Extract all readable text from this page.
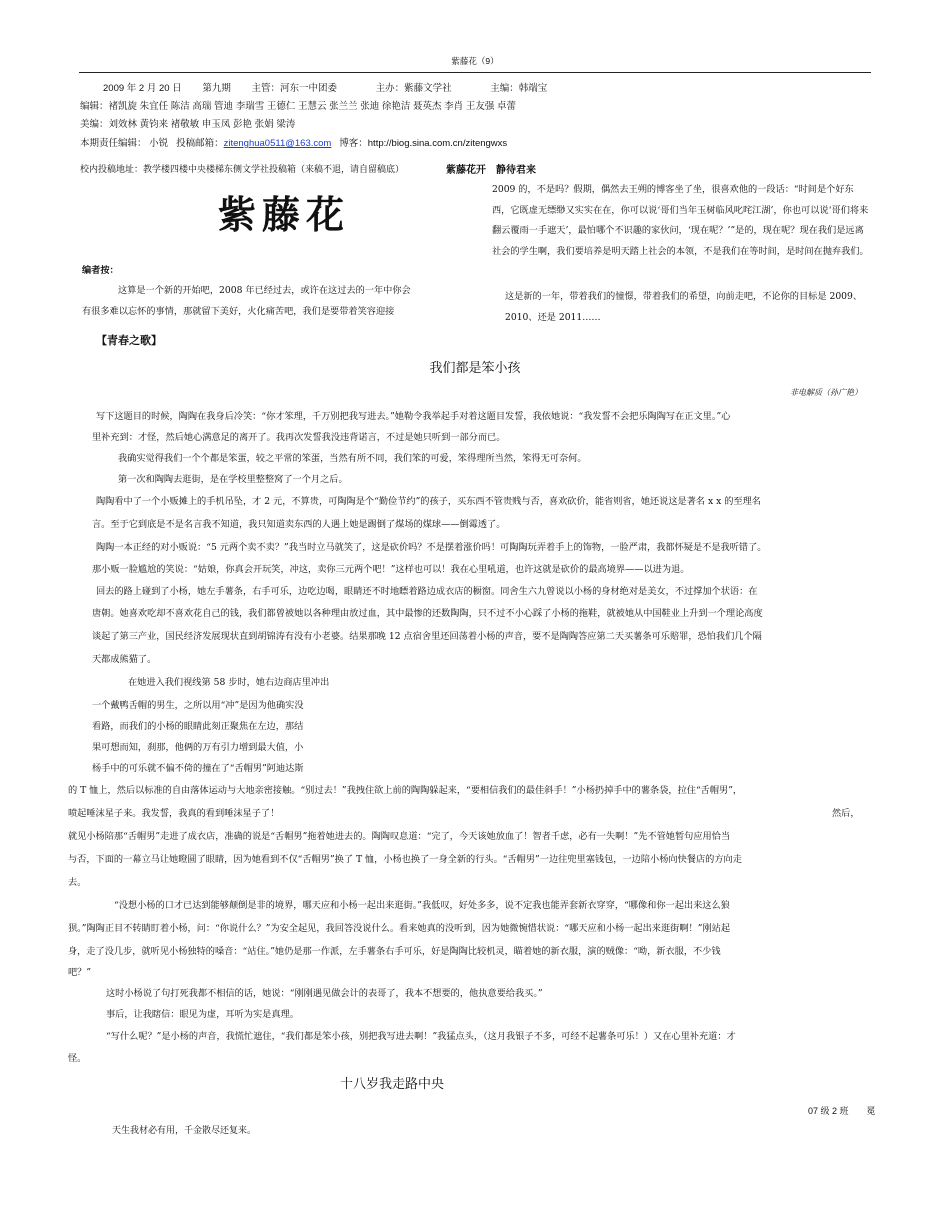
紫藤花（9）
2009 年 2 月 20 日 第九期 主管：河东一中团委	主办：紫藤文学社	主编：韩端宝
编辑：褚凯旋 朱宜任 陈洁 高瑞 管迪 李瑞雪 王德仁 王慧云 张兰兰 张迪 徐艳洁 聂英杰 李肖 王友强 卓蕾
美编：刘效林 黄钧来 褚敬敏 申玉凤 彭艳 张娟 梁涛
本期责任编辑： 小锐 投稿邮箱：zitenghua0511@163.com 博客：http://biog.sina.com.cn/zitengwxs
校内投稿地址：教学楼四楼中央楼梯东侧文学社投稿箱（来稿不退，请自留稿底）
紫藤花
编者按：
这算是一个新的开始吧，2008 年已经过去，或许在这过去的一年中你会
有很多难以忘怀的事情，那就留下美好，火化痛苦吧，我们是要带着笑容迎接
紫藤花开　静待君来
2009 的，不是吗？假期，偶然去王朔的博客坐了坐，很喜欢他的一段话：“时间是个好东西，它既虚无缥缈又实实在在，你可以说‘哥们当年玉树临风叱咤江湖’，你也可以说‘哥们将来翻云覆雨一手遮天’，最怕哪个不识趣的家伙问，‘现在呢？’”是的，现在呢？现在我们是远离社会的学生啊，我们要培养是明天踏上社会的本领，不是我们在等时间，是时间在抛弃我们。
这是新的一年，带着我们的憧憬，带着我们的希望，向前走吧，不论你的目标是 2009、2010、还是 2011……
【青春之歌】
我们都是笨小孩
非电解质（孙广艳）
写下这题目的时候，陶陶在我身后冷笑：“你才笨理，千万别把我写进去。”她勒令我举起手对着这题目发誓，我依她说：“我发誓不会把乐陶陶写在正文里。”心
里补充到：才怪，然后她心满意足的离开了。我再次发誓我没违背诺言，不过是她只听到一部分而已。
我确实觉得我们一个个都是笨蛋，较之平常的笨蛋，当然有所不同，我们笨的可爱，笨得理所当然，笨得无可奈何。
第一次和陶陶去逛街，是在学校里整整窝了一个月之后。
陶陶看中了一个小贩摊上的手机吊坠，才 2 元，不算贵，可陶陶是个“勤俭节约”的孩子，买东西不管贵贱与否，喜欢砍价，能省则省，她还说这是著名 x x 的至理名
言。至于它到底是不是名言我不知道，我只知道卖东西的人遇上她是踢倒了煤场的煤球——倒霉透了。
陶陶一本正经的对小贩说：“5 元两个卖不卖？”我当时立马就笑了，这是砍价吗？不是摆着涨价吗！可陶陶玩弄着手上的饰物，一脸严肃，我都怀疑是不是我听错了。
那小贩一脸尴尬的笑说：“姑娘，你真会开玩笑，冲这，卖你三元两个吧！”这样也可以！我在心里吼道，也许这就是砍价的最高境界——以进为退。
回去的路上碰到了小杨，她左手薯条，右手可乐，边吃边喝，眼睛还不时地瞟着路边成衣店的橱窗。同舍生六九曾说以小杨的身材绝对是美女，不过撑加个状语：在
唐朝。她喜欢吃却不喜欢花自己的钱，我们都曾被她以各种理由放过血，其中最惨的还数陶陶，只不过不小心踩了小杨的拖鞋，就被她从中国鞋业上升到一个理论高度
谈起了第三产业，国民经济发展现状直到胡锦涛有没有小老婆。结果那晚 12 点宿舍里还回荡着小杨的声音，要不是陶陶答应第二天买薯条可乐赔罪，恐怕我们几个隔
天都成熊猫了。
在她进入我们视线第 58 步时，她右边商店里冲出
一个戴鸭舌帽的男生，之所以用“冲”是因为他确实没
看路，而我们的小杨的眼睛此刻正聚焦在左边，那结
果可想而知，刹那，他俩的万有引力增到最大值，小
杨手中的可乐就不偏不倚的撞在了“舌帽男”阿迪达斯
的 T 恤上，然后以标准的自由落体运动与大地亲密接触。“别过去！”我拽住欲上前的陶陶躲起来，“要相信我们的最佳斜手！”小杨扔掉手中的薯条袋，拉住“舌帽男”，
喷起唾沫星子来。我发誓，我真的看到唾沫星子了！	然后，
就见小杨陪那“舌帽男”走进了成衣店，准确的说是“舌帽男”拖着她进去的。陶陶叹息道：“完了，今天该她放血了！智者千虑，必有一失啊！”先不管她暂句应用恰当
与否，下面的一幕立马让她瞪圆了眼睛，因为她看到不仅“舌帽男”换了 T 恤，小杨也换了一身全新的行头。“舌帽男”一边往兜里塞钱包，一边陪小杨向快餐店的方向走
去。
“没想小杨的口才已达到能够颠倒是非的境界，哪天应和小杨一起出来逛街。”我低叹，好处多多，说不定我也能弄套新衣穿穿，“哪像和你一起出来这么狼
狈。”陶陶正目不转睛盯着小杨，问：“你说什么？”为安全起见，我回答没说什么。看来她真的没听到，因为她微惋惜状说：“哪天应和小杨一起出来逛街啊！”刚站起
身，走了没几步，就听见小杨独特的嗓音：“站住。”她仍是那一作派，左手薯条右手可乐，好是陶陶比较机灵，瞄着她的新衣服，演的贼像：“呦，新衣服，不少钱
吧？”
这时小杨说了句打死我都不相信的话，她说：“刚刚遇见做会计的表哥了，我本不想要的，他执意要给我买。”
事后，让我瞎信：眼见为虚，耳听为实是真理。
“写什么呢？”是小杨的声音，我慌忙遮住，“我们都是笨小孩，别把我写进去啊！”我猛点头，（这月我银子不多，可经不起薯条可乐！）又在心里补充道：才
怪。
十八岁我走路中央
07 级 2 班　　冕
天生我材必有用，千金散尽还复来。
